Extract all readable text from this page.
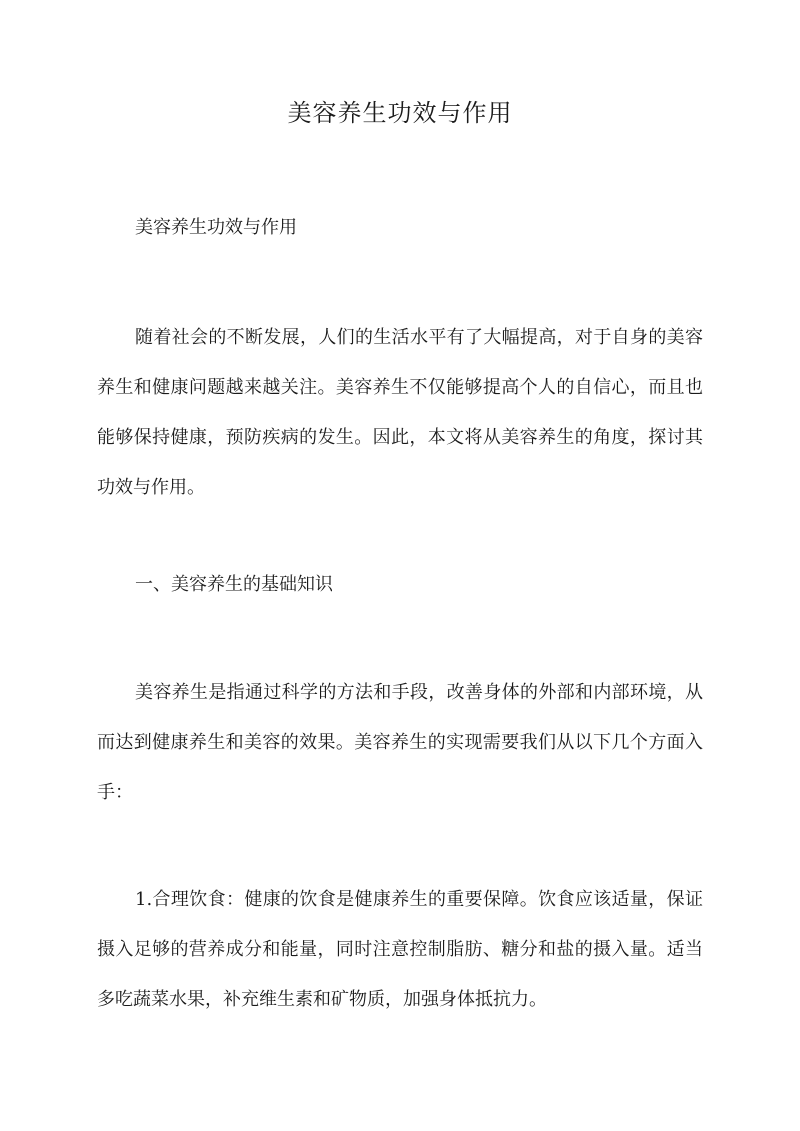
美容养生功效与作用

美容养生功效与作用

随着社会的不断发展，人们的生活水平有了大幅提高，对于自身的美容养生和健康问题越来越关注。美容养生不仅能够提高个人的自信心，而且也能够保持健康，预防疾病的发生。因此，本文将从美容养生的角度，探讨其功效与作用。

一、美容养生的基础知识

美容养生是指通过科学的方法和手段，改善身体的外部和内部环境，从而达到健康养生和美容的效果。美容养生的实现需要我们从以下几个方面入手：

1.合理饮食：健康的饮食是健康养生的重要保障。饮食应该适量，保证摄入足够的营养成分和能量，同时注意控制脂肪、糖分和盐的摄入量。适当多吃蔬菜水果，补充维生素和矿物质，加强身体抵抗力。
